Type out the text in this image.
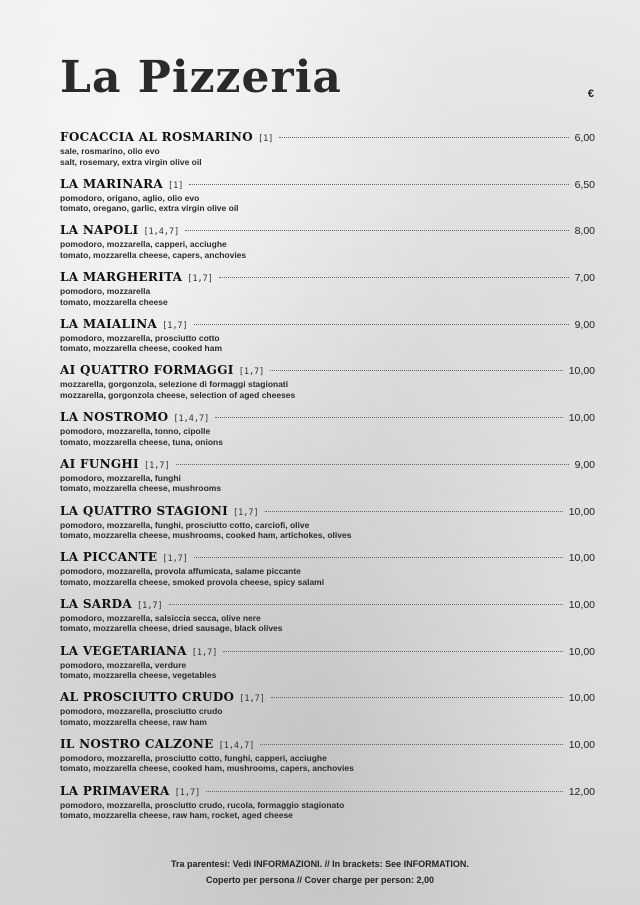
La Pizzeria	€
FOCACCIA AL ROSMARINO [1]	6,00
sale, rosmarino, olio evo
salt, rosemary, extra virgin olive oil
LA MARINARA [1]	6,50
pomodoro, origano, aglio, olio evo
tomato, oregano, garlic, extra virgin olive oil
LA NAPOLI [1,4,7]	8,00
pomodoro, mozzarella, capperi, acciughe
tomato, mozzarella cheese, capers, anchovies
LA MARGHERITA [1,7]	7,00
pomodoro, mozzarella
tomato, mozzarella cheese
LA MAIALINA [1,7]	9,00
pomodoro, mozzarella, prosciutto cotto
tomato, mozzarella cheese, cooked ham
AI QUATTRO FORMAGGI [1,7]	10,00
mozzarella, gorgonzola, selezione di formaggi stagionati
mozzarella, gorgonzola cheese, selection of aged cheeses
LA NOSTROMO [1,4,7]	10,00
pomodoro, mozzarella, tonno, cipolle
tomato, mozzarella cheese, tuna, onions
AI FUNGHI [1,7]	9,00
pomodoro, mozzarella, funghi
tomato, mozzarella cheese, mushrooms
LA QUATTRO STAGIONI [1,7]	10,00
pomodoro, mozzarella, funghi, prosciutto cotto, carciofi, olive
tomato, mozzarella cheese, mushrooms, cooked ham, artichokes, olives
LA PICCANTE [1,7]	10,00
pomodoro, mozzarella, provola affumicata, salame piccante
tomato, mozzarella cheese, smoked provola cheese, spicy salami
LA SARDA [1,7]	10,00
pomodoro, mozzarella, salsiccia secca, olive nere
tomato, mozzarella cheese, dried sausage, black olives
LA VEGETARIANA [1,7]	10,00
pomodoro, mozzarella, verdure
tomato, mozzarella cheese, vegetables
AL PROSCIUTTO CRUDO [1,7]	10,00
pomodoro, mozzarella, prosciutto crudo
tomato, mozzarella cheese, raw ham
IL NOSTRO CALZONE [1,4,7]	10,00
pomodoro, mozzarella, prosciutto cotto, funghi, capperi, acciughe
tomato, mozzarella cheese, cooked ham, mushrooms, capers, anchovies
LA PRIMAVERA [1,7]	12,00
pomodoro, mozzarella, prosciutto crudo, rucola, formaggio stagionato
tomato, mozzarella cheese, raw ham, rocket, aged cheese
Tra parentesi: Vedi INFORMAZIONI. // In brackets: See INFORMATION.
Coperto per persona // Cover charge per person: 2,00
